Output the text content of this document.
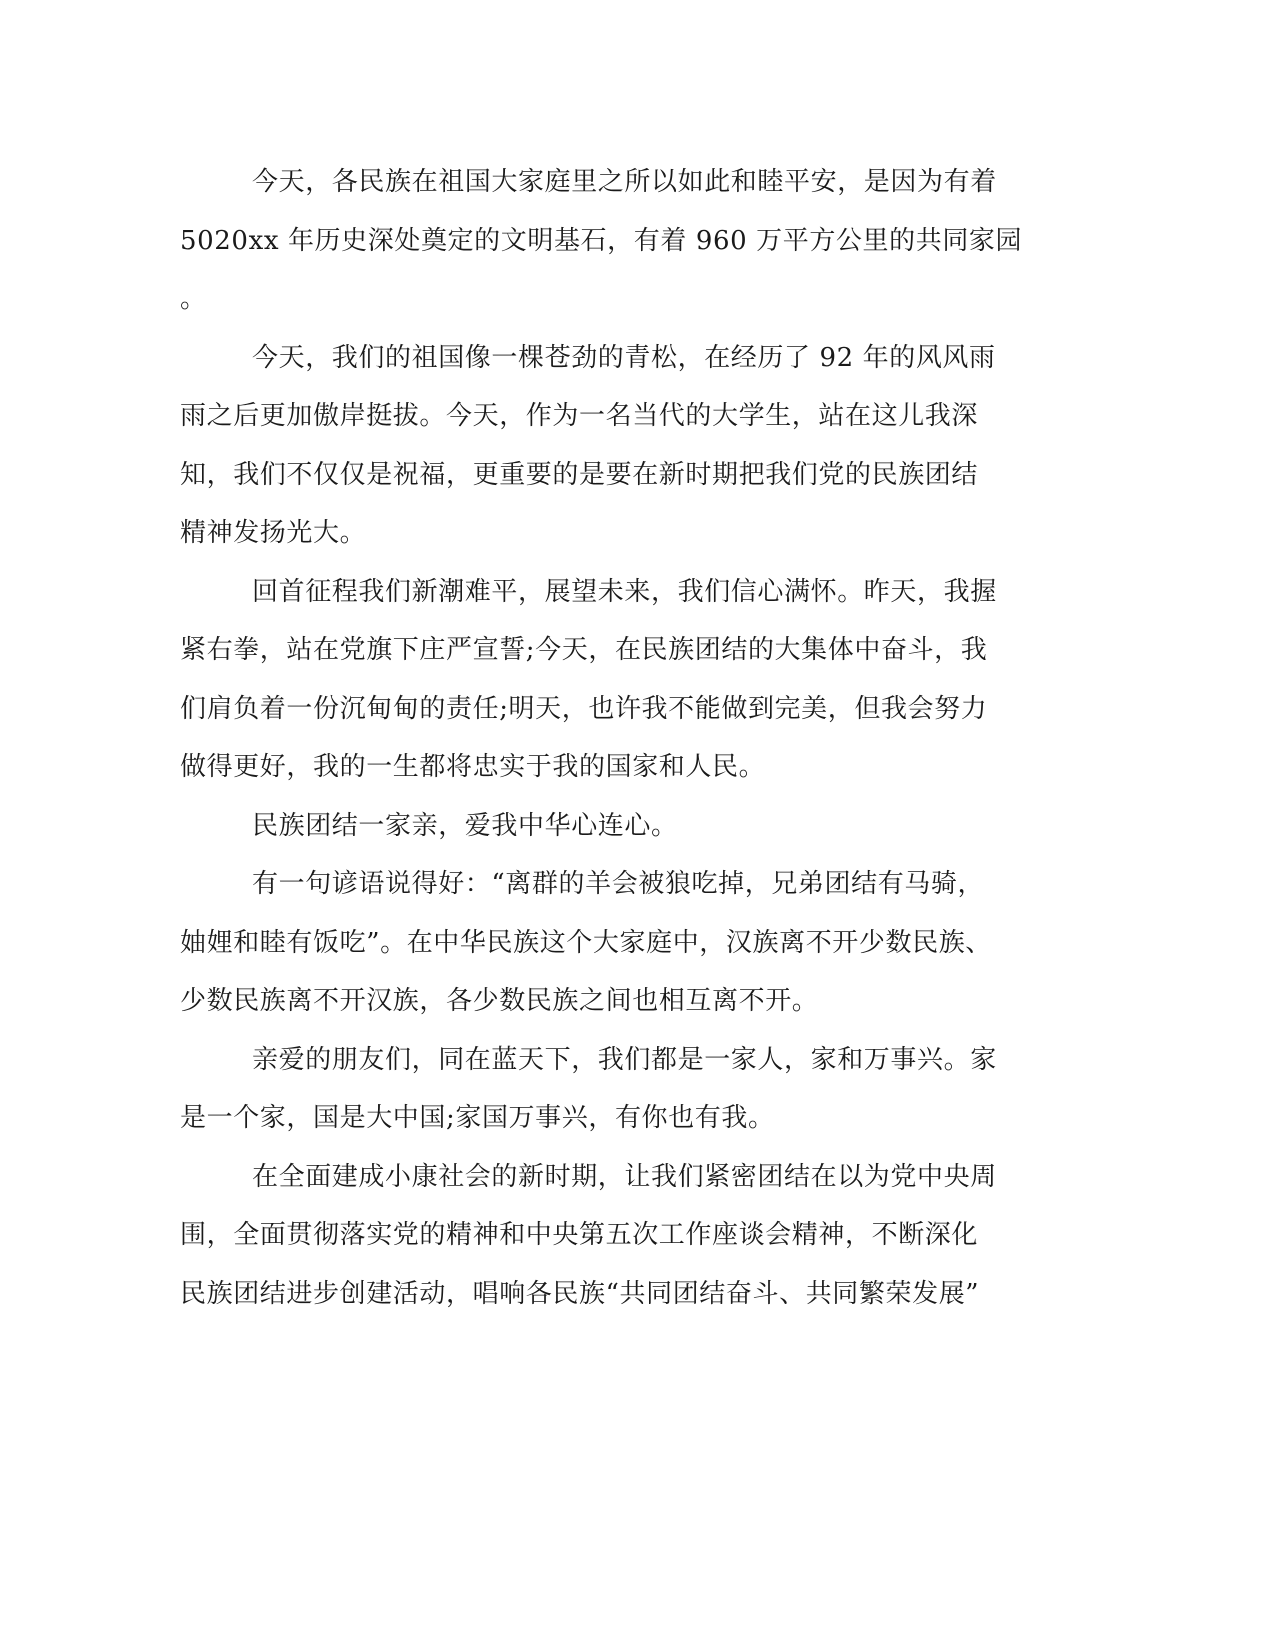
今天，各民族在祖国大家庭里之所以如此和睦平安，是因为有着
5020xx 年历史深处奠定的文明基石，有着 960 万平方公里的共同家园
。
今天，我们的祖国像一棵苍劲的青松，在经历了 92 年的风风雨
雨之后更加傲岸挺拔。今天，作为一名当代的大学生，站在这儿我深
知，我们不仅仅是祝福，更重要的是要在新时期把我们党的民族团结
精神发扬光大。
回首征程我们新潮难平，展望未来，我们信心满怀。昨天，我握
紧右拳，站在党旗下庄严宣誓;今天，在民族团结的大集体中奋斗，我
们肩负着一份沉甸甸的责任;明天，也许我不能做到完美，但我会努力
做得更好，我的一生都将忠实于我的国家和人民。
民族团结一家亲，爱我中华心连心。
有一句谚语说得好：“离群的羊会被狼吃掉，兄弟团结有马骑，
妯娌和睦有饭吃”。在中华民族这个大家庭中，汉族离不开少数民族、
少数民族离不开汉族，各少数民族之间也相互离不开。
亲爱的朋友们，同在蓝天下，我们都是一家人，家和万事兴。家
是一个家，国是大中国;家国万事兴，有你也有我。
在全面建成小康社会的新时期，让我们紧密团结在以为党中央周
围，全面贯彻落实党的精神和中央第五次工作座谈会精神，不断深化
民族团结进步创建活动，唱响各民族“共同团结奋斗、共同繁荣发展”
